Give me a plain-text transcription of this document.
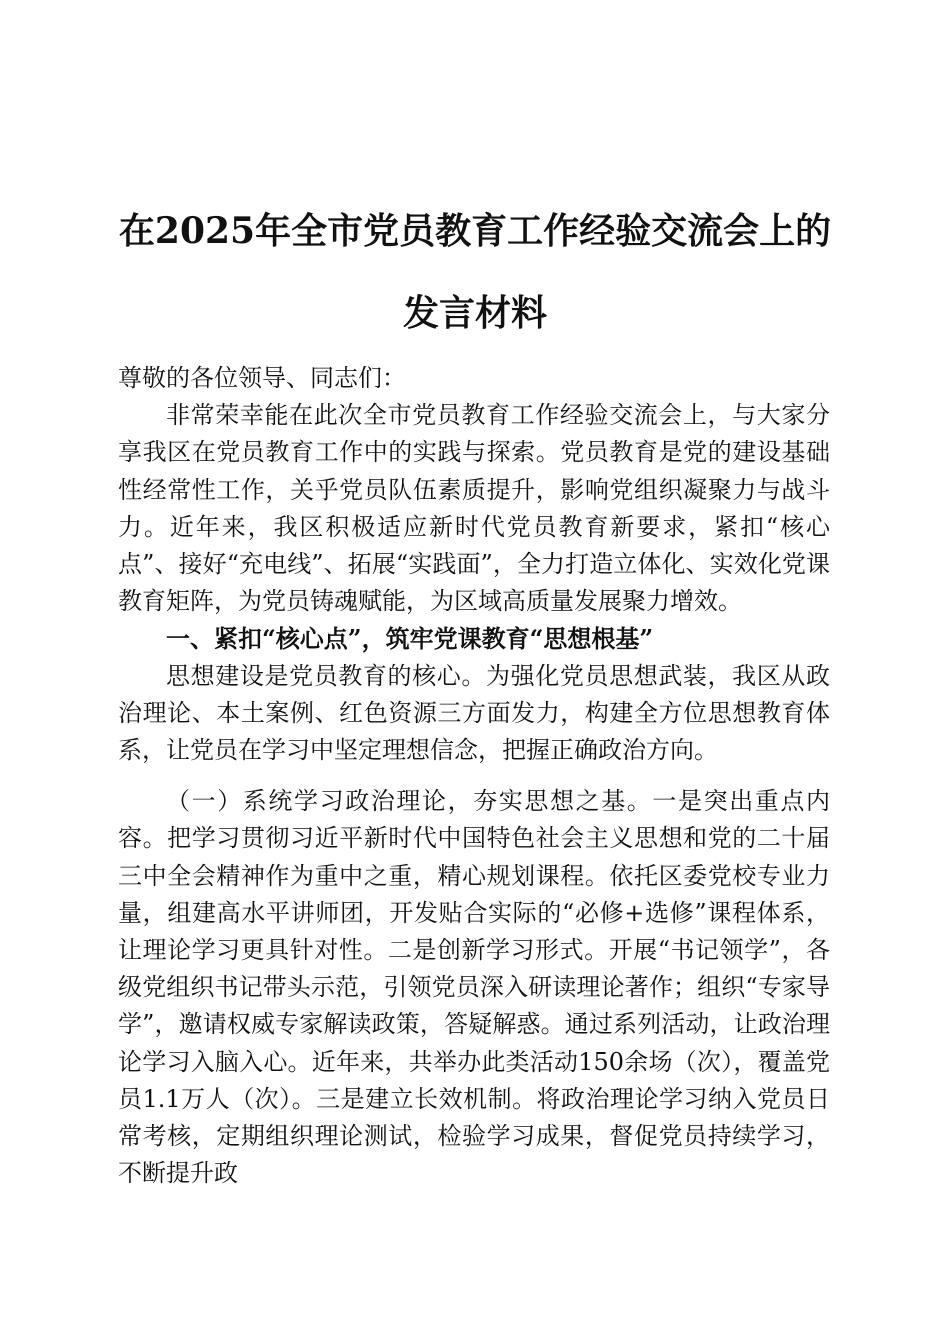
在2025年全市党员教育工作经验交流会上的
发言材料

尊敬的各位领导、同志们：

非常荣幸能在此次全市党员教育工作经验交流会上，与大家分享我区在党员教育工作中的实践与探索。党员教育是党的建设基础性经常性工作，关乎党员队伍素质提升，影响党组织凝聚力与战斗力。近年来，我区积极适应新时代党员教育新要求，紧扣“核心点”、接好“充电线”、拓展“实践面”，全力打造立体化、实效化党课教育矩阵，为党员铸魂赋能，为区域高质量发展聚力增效。

一、紧扣“核心点”，筑牢党课教育“思想根基”

思想建设是党员教育的核心。为强化党员思想武装，我区从政治理论、本土案例、红色资源三方面发力，构建全方位思想教育体系，让党员在学习中坚定理想信念，把握正确政治方向。

（一）系统学习政治理论，夯实思想之基。一是突出重点内容。把学习贯彻习近平新时代中国特色社会主义思想和党的二十届三中全会精神作为重中之重，精心规划课程。依托区委党校专业力量，组建高水平讲师团，开发贴合实际的“必修+选修”课程体系，让理论学习更具针对性。二是创新学习形式。开展“书记领学”，各级党组织书记带头示范，引领党员深入研读理论著作；组织“专家导学”，邀请权威专家解读政策，答疑解惑。通过系列活动，让政治理论学习入脑入心。近年来，共举办此类活动150余场（次），覆盖党员1.1万人（次）。三是建立长效机制。将政治理论学习纳入党员日常考核，定期组织理论测试，检验学习成果，督促党员持续学习，不断提升政
